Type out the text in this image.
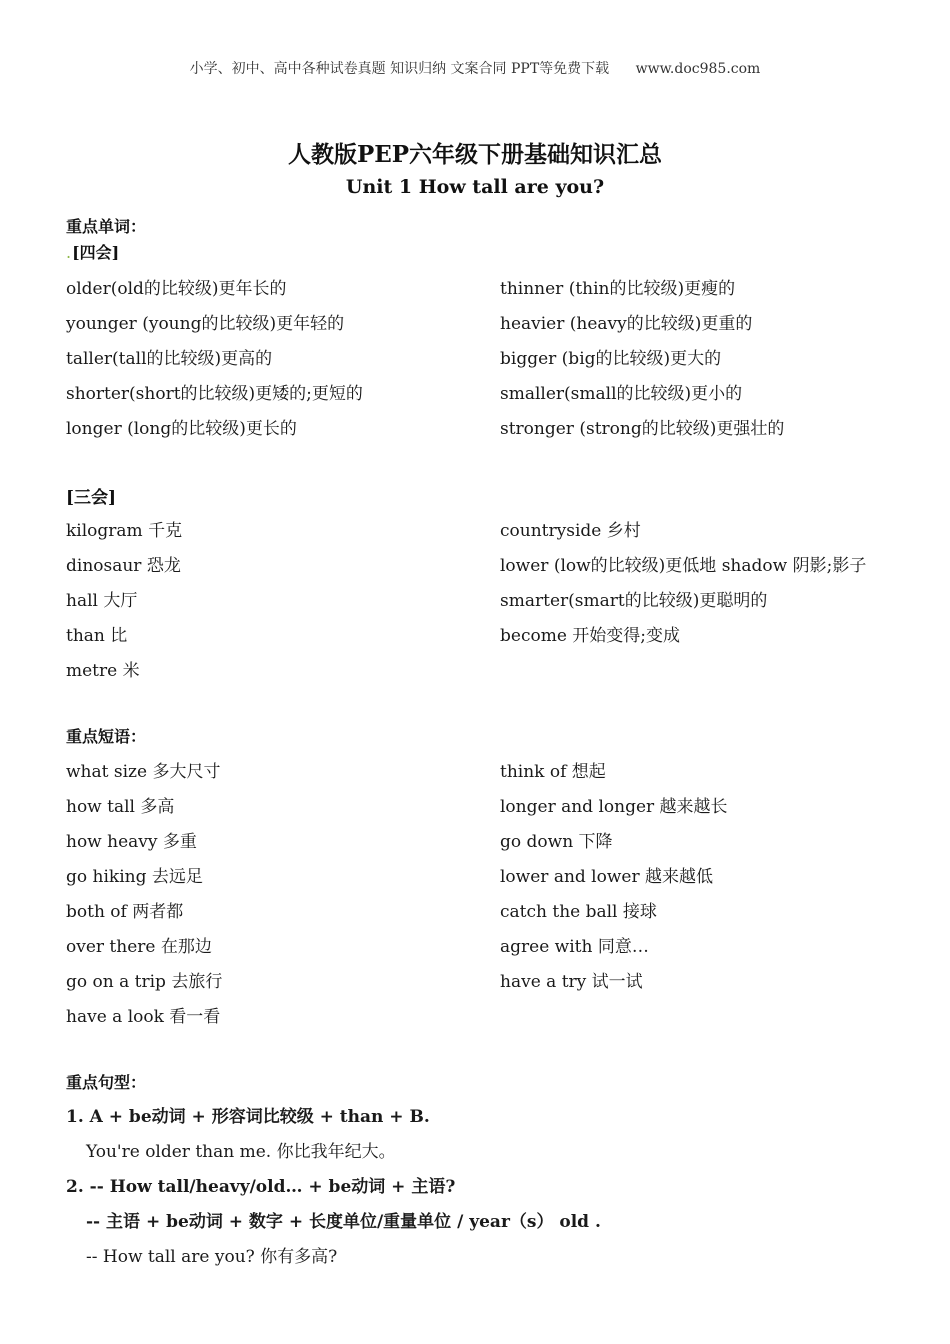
小学、初中、高中各种试卷真题 知识归纳 文案合同 PPT等免费下载 www.doc985.com
人教版PEP六年级下册基础知识汇总
Unit 1 How tall are you?
重点单词：
.[四会]
older(old的比较级)更年长的
younger (young的比较级)更年轻的
taller(tall的比较级)更高的
shorter(short的比较级)更矮的;更短的
longer (long的比较级)更长的
thinner (thin的比较级)更瘦的
heavier (heavy的比较级)更重的
bigger (big的比较级)更大的
smaller(small的比较级)更小的
stronger (strong的比较级)更强壮的
[三会]
kilogram 千克
dinosaur 恐龙
hall 大厅
than 比
metre 米
countryside 乡村
lower (low的比较级)更低地 shadow 阴影;影子
smarter(smart的比较级)更聪明的
become 开始变得;变成
重点短语：
what size 多大尺寸
how tall 多高
how heavy 多重
go hiking 去远足
both of 两者都
over there 在那边
go on a trip 去旅行
have a look 看一看
think of 想起
longer and longer 越来越长
go down 下降
lower and lower 越来越低
catch the ball 接球
agree with 同意…
have a try 试一试
重点句型：
1. A + be动词 + 形容词比较级 + than + B.
You're older than me. 你比我年纪大。
2. -- How tall/heavy/old… + be动词 + 主语?
-- 主语 + be动词 + 数字 + 长度单位/重量单位 / year（s） old .
-- How tall are you? 你有多高?
